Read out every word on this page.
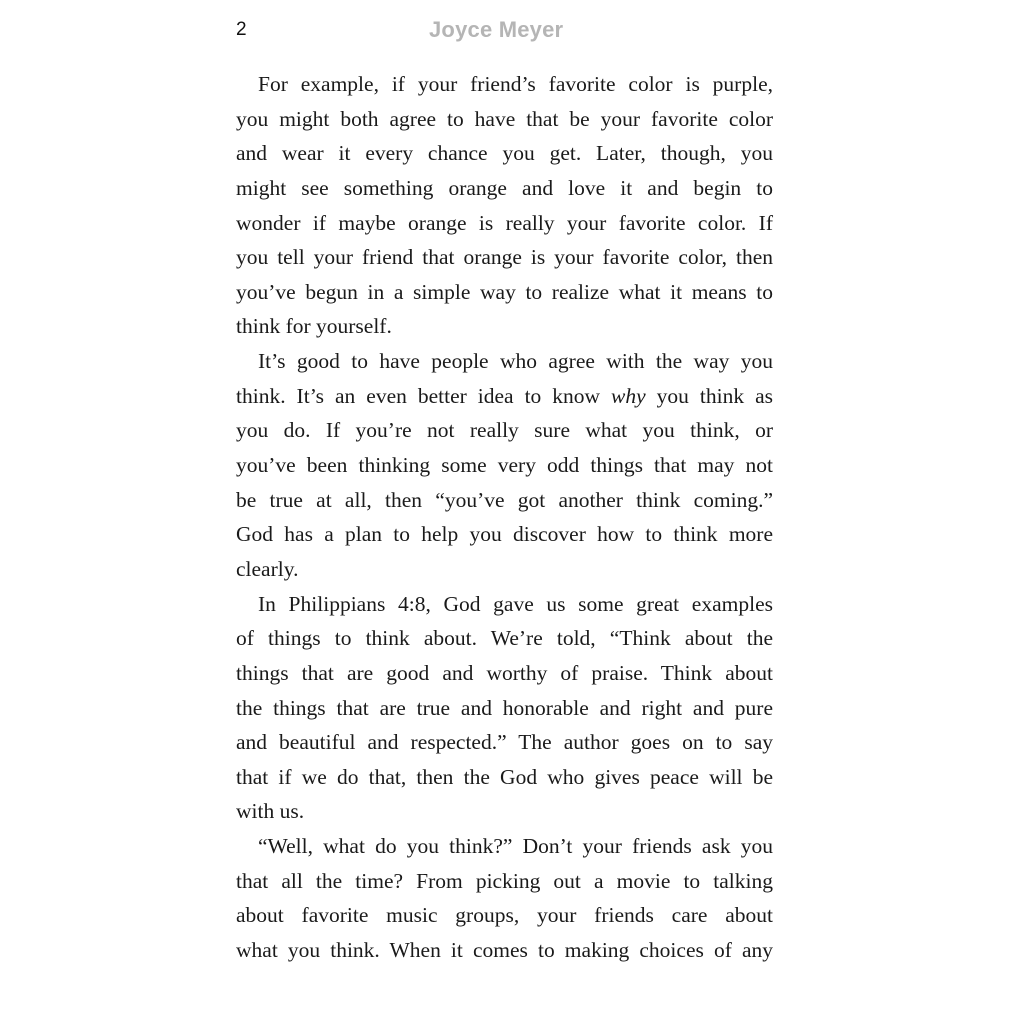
2	Joyce Meyer
For example, if your friend’s favorite color is purple,
you might both agree to have that be your favorite color
and wear it every chance you get. Later, though, you
might see something orange and love it and begin to
wonder if maybe orange is really your favorite color. If
you tell your friend that orange is your favorite color, then
you’ve begun in a simple way to realize what it means to
think for yourself.
It’s good to have people who agree with the way you
think. It’s an even better idea to know why you think as
you do. If you’re not really sure what you think, or
you’ve been thinking some very odd things that may not
be true at all, then “you’ve got another think coming.”
God has a plan to help you discover how to think more
clearly.
In Philippians 4:8, God gave us some great examples
of things to think about. We’re told, “Think about the
things that are good and worthy of praise. Think about
the things that are true and honorable and right and pure
and beautiful and respected.” The author goes on to say
that if we do that, then the God who gives peace will be
with us.
“Well, what do you think?” Don’t your friends ask you
that all the time? From picking out a movie to talking
about favorite music groups, your friends care about
what you think. When it comes to making choices of any
